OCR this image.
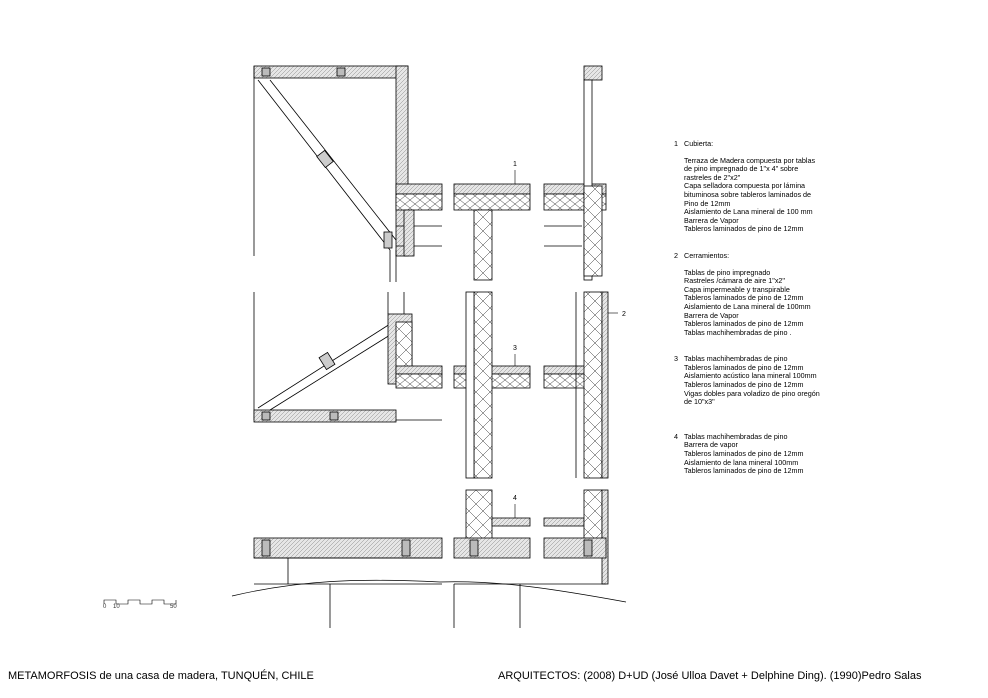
1
2
3
4
0 10	50
1 Cubierta:
Terraza de Madera compuesta por tablas
de pino impregnado de 1"x 4" sobre
rastreles de 2"x2"
Capa selladora compuesta por lámina
bituminosa sobre tableros laminados de
Pino de 12mm
Aislamiento de Lana mineral de 100 mm
Barrera de Vapor
Tableros laminados de pino de 12mm
2 Cerramientos:
Tablas de pino impregnado
Rastreles /cámara de aire 1"x2"
Capa impermeable y transpirable
Tableros laminados de pino de 12mm
Aislamiento de Lana mineral de 100mm
Barrera de Vapor
Tableros laminados de pino de 12mm
Tablas machihembradas de pino .
3 Tablas machihembradas de pino
Tableros laminados de pino de 12mm
Aislamiento acústico lana mineral 100mm
Tableros laminados de pino de 12mm
Vigas dobles para voladizo de pino oregón
de 10"x3"
4 Tablas machihembradas de pino
Barrera de vapor
Tableros laminados de pino de 12mm
Aislamiento de lana mineral 100mm
Tableros laminados de pino de 12mm
METAMORFOSIS de una casa de madera, TUNQUÉN, CHILE	ARQUITECTOS: (2008) D+UD (José Ulloa Davet + Delphine Ding). (1990)Pedro Salas
